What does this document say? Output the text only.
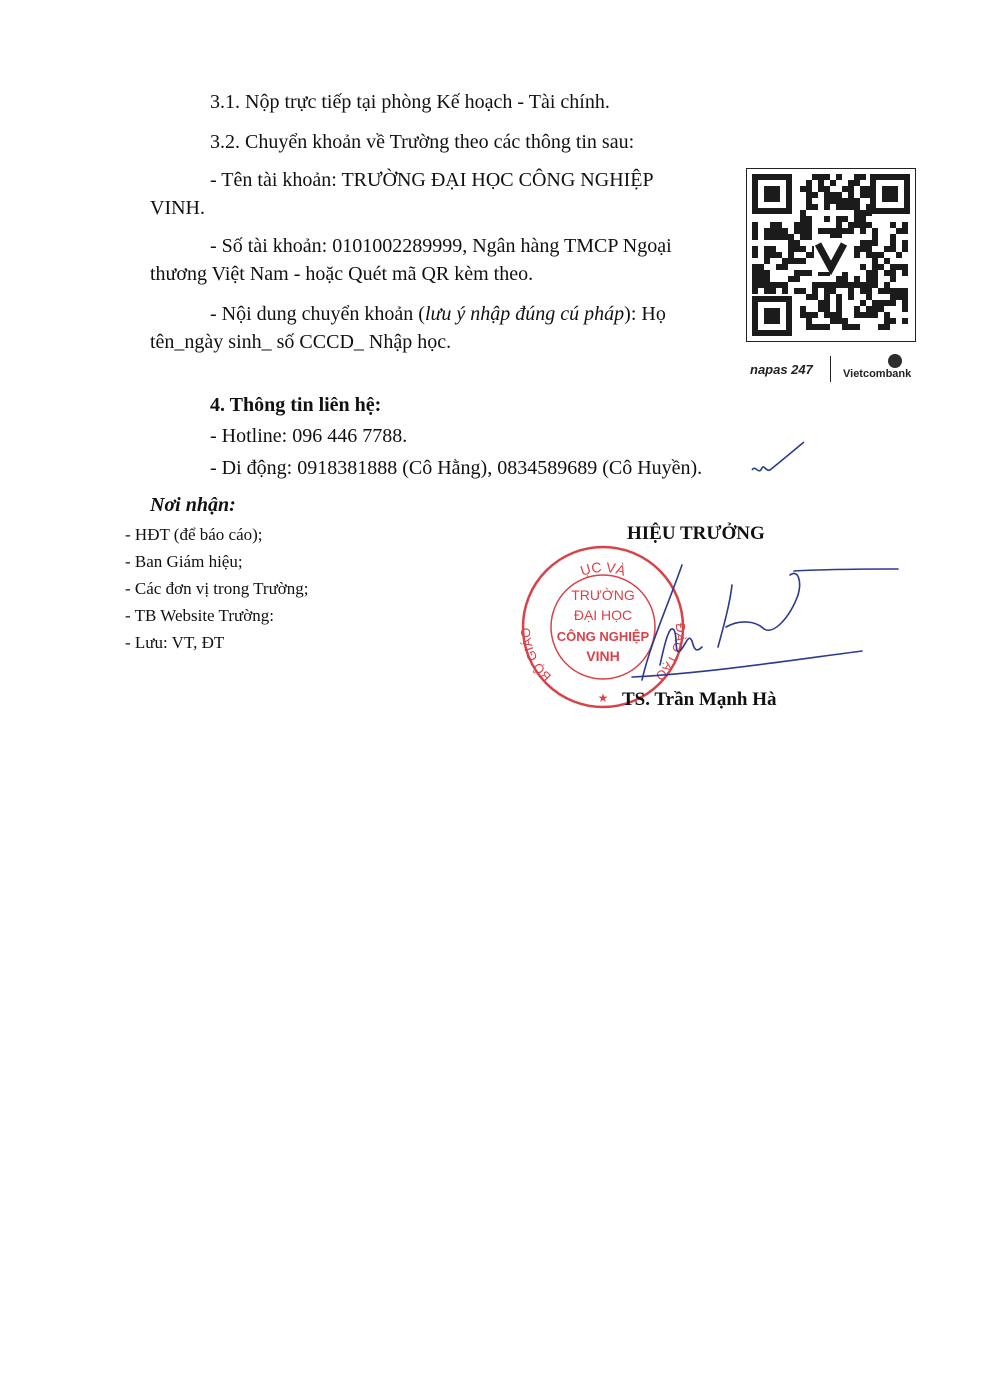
3.1. Nộp trực tiếp tại phòng Kế hoạch - Tài chính.
3.2. Chuyển khoản về Trường theo các thông tin sau:
- Tên tài khoản: TRƯỜNG ĐẠI HỌC CÔNG NGHIỆP
VINH.
- Số tài khoản: 0101002289999, Ngân hàng TMCP Ngoại
thương Việt Nam - hoặc Quét mã QR kèm theo.
- Nội dung chuyển khoản (lưu ý nhập đúng cú pháp): Họ
tên_ngày sinh_ số CCCD_ Nhập học.
napas 247	Vietcombank
4. Thông tin liên hệ:
- Hotline: 096 446 7788.
- Di động: 0918381888 (Cô Hằng), 0834589689 (Cô Huyền).
Nơi nhận:
- HĐT (để báo cáo);
- Ban Giám hiệu;
- Các đơn vị trong Trường;
- TB Website Trường:
- Lưu: VT, ĐT
HIỆU TRƯỞNG
ỤC VÀ
BỘ GIÁO	ĐÀO TẠO
TRƯỜNG
ĐẠI HỌC
CÔNG NGHIỆP
VINH
★ TS. Trần Mạnh Hà
